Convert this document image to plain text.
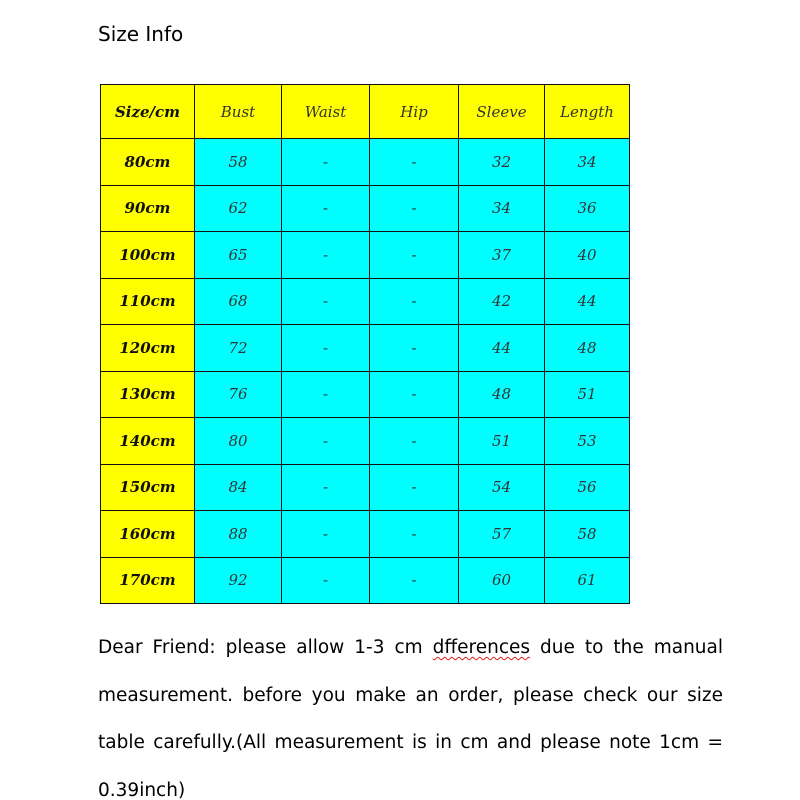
Size Info
Size/cm	Bust	Waist	Hip	Sleeve	Length
80cm	58	-	-	32	34
90cm	62	-	-	34	36
100cm	65	-	-	37	40
110cm	68	-	-	42	44
120cm	72	-	-	44	48
130cm	76	-	-	48	51
140cm	80	-	-	51	53
150cm	84	-	-	54	56
160cm	88	-	-	57	58
170cm	92	-	-	60	61
Dear Friend: please allow 1-3 cm dfferences due to the manual
measurement. before you make an order, please check our size
table carefully.(All measurement is in cm and please note 1cm =
0.39inch)
